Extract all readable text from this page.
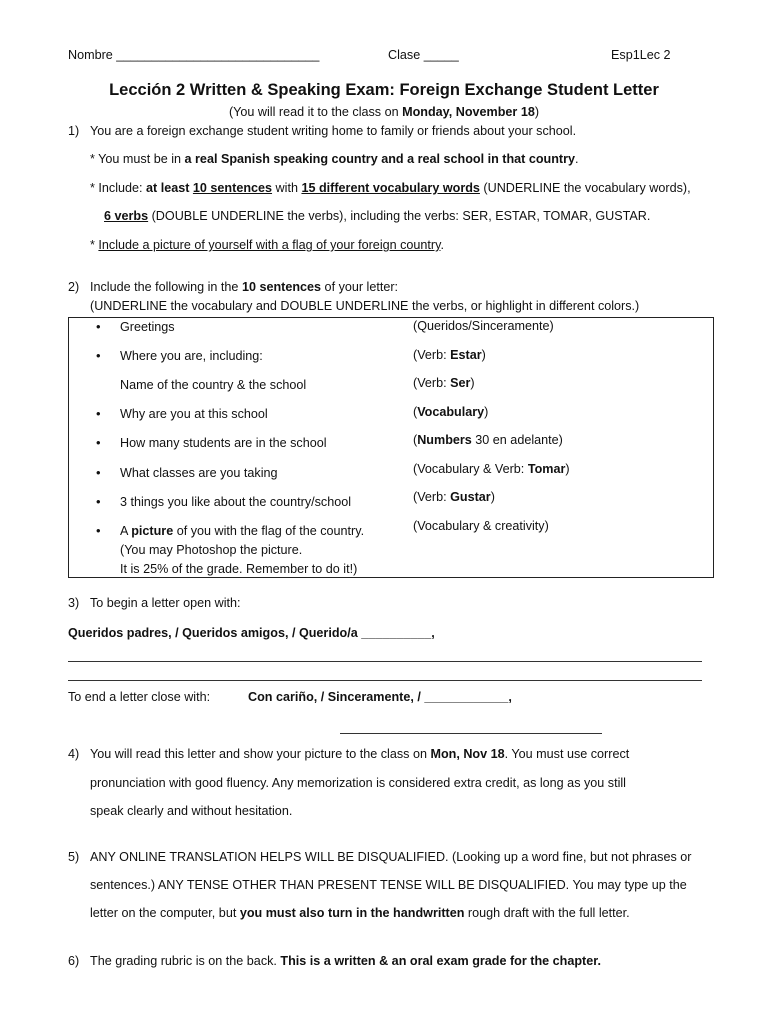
Nombre _____________________________	Clase _____	Esp1Lec 2
Lección 2 Written & Speaking Exam: Foreign Exchange Student Letter
(You will read it to the class on Monday, November 18)
1) You are a foreign exchange student writing home to family or friends about your school.
* You must be in a real Spanish speaking country and a real school in that country.
* Include: at least 10 sentences with 15 different vocabulary words (UNDERLINE the vocabulary words),
6 verbs (DOUBLE UNDERLINE the verbs), including the verbs: SER, ESTAR, TOMAR, GUSTAR.
* Include a picture of yourself with a flag of your foreign country.
2) Include the following in the 10 sentences of your letter:
(UNDERLINE the vocabulary and DOUBLE UNDERLINE the verbs, or highlight in different colors.)
• Greetings	(Queridos/Sinceramente)
• Where you are, including:	(Verb: Estar)
Name of the country & the school	(Verb: Ser)
• Why are you at this school	(Vocabulary)
• How many students are in the school	(Numbers 30 en adelante)
• What classes are you taking	(Vocabulary & Verb: Tomar)
• 3 things you like about the country/school	(Verb: Gustar)
• A picture of you with the flag of the country.
(You may Photoshop the picture.
It is 25% of the grade. Remember to do it!)
(Vocabulary & creativity)
3) To begin a letter open with:
Queridos padres, / Queridos amigos, / Querido/a __________,
To end a letter close with:	Con cariño, / Sinceramente, / ____________,
4) You will read this letter and show your picture to the class on Mon, Nov 18. You must use correct
pronunciation with good fluency. Any memorization is considered extra credit, as long as you still
speak clearly and without hesitation.
5) ANY ONLINE TRANSLATION HELPS WILL BE DISQUALIFIED. (Looking up a word fine, but not phrases or
sentences.) ANY TENSE OTHER THAN PRESENT TENSE WILL BE DISQUALIFIED. You may type up the
letter on the computer, but you must also turn in the handwritten rough draft with the full letter.
6) The grading rubric is on the back. This is a written & an oral exam grade for the chapter.
